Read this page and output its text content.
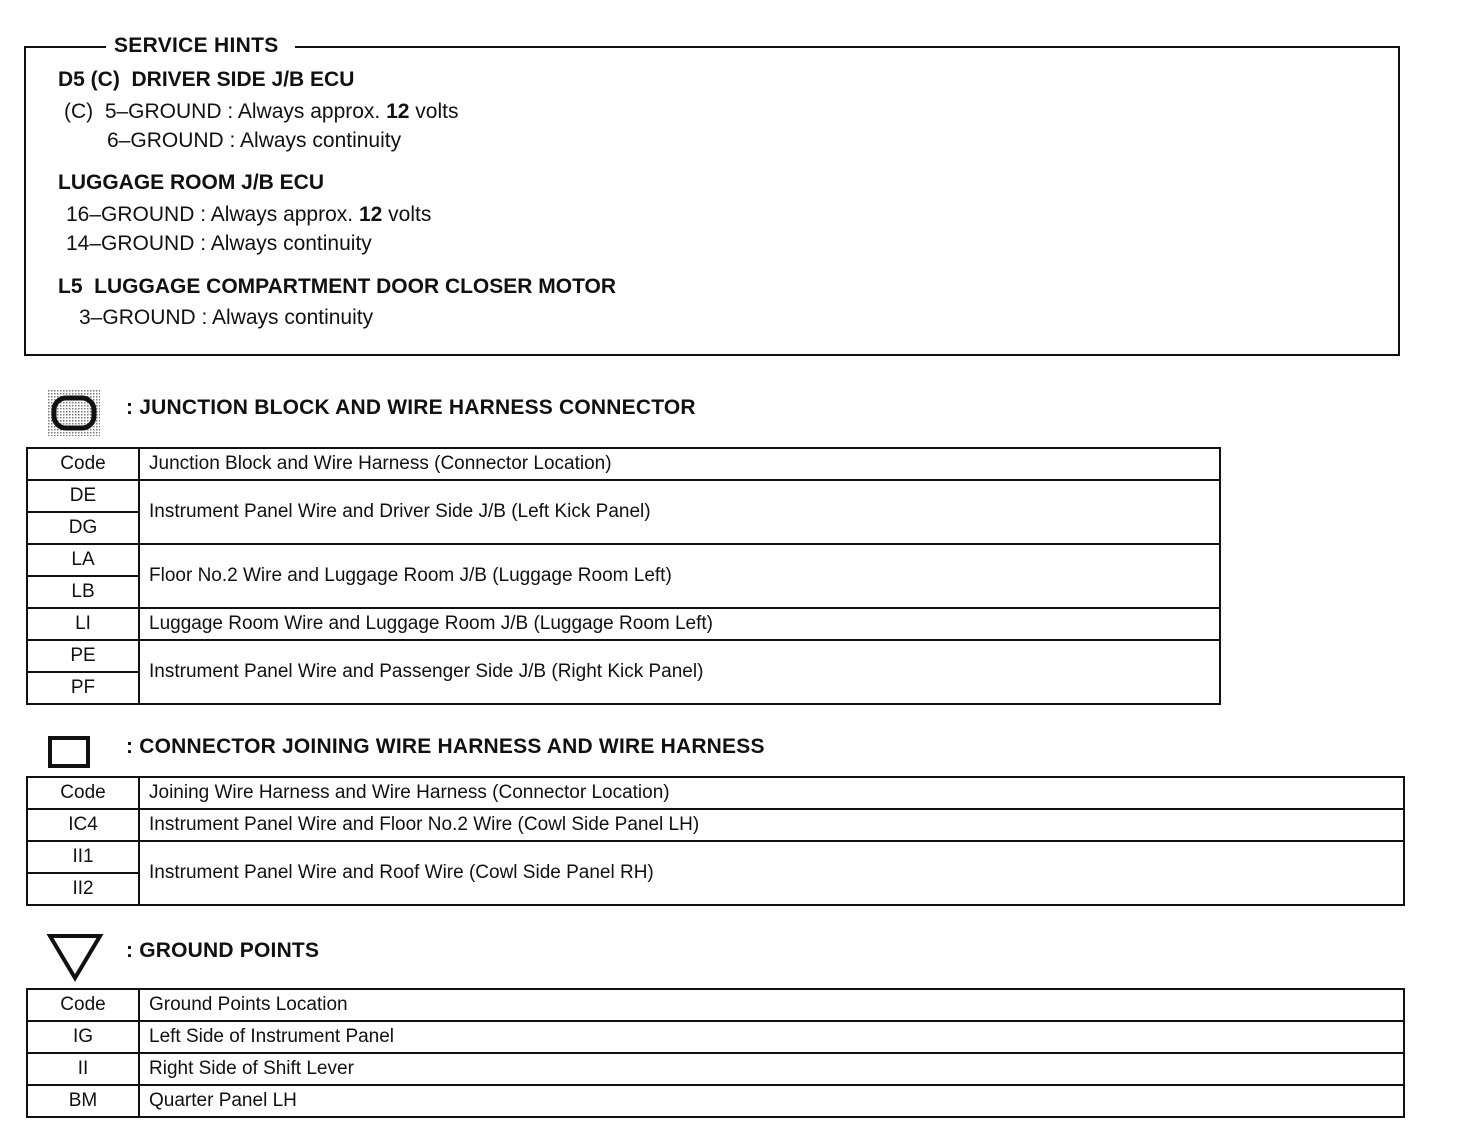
SERVICE HINTS
D5 (C)  DRIVER SIDE J/B ECU
(C)  5–GROUND : Always approx. 12 volts
6–GROUND : Always continuity
LUGGAGE ROOM J/B ECU
16–GROUND : Always approx. 12 volts
14–GROUND : Always continuity
L5  LUGGAGE COMPARTMENT DOOR CLOSER MOTOR
3–GROUND : Always continuity
: JUNCTION BLOCK AND WIRE HARNESS CONNECTOR
Code	Junction Block and Wire Harness (Connector Location)
DE	Instrument Panel Wire and Driver Side J/B (Left Kick Panel)
DG	
LA	Floor No.2 Wire and Luggage Room J/B (Luggage Room Left)
LB	
LI	Luggage Room Wire and Luggage Room J/B (Luggage Room Left)
PE	Instrument Panel Wire and Passenger Side J/B (Right Kick Panel)
PF	
: CONNECTOR JOINING WIRE HARNESS AND WIRE HARNESS
Code	Joining Wire Harness and Wire Harness (Connector Location)
IC4	Instrument Panel Wire and Floor No.2 Wire (Cowl Side Panel LH)
II1	Instrument Panel Wire and Roof Wire (Cowl Side Panel RH)
II2	
: GROUND POINTS
Code	Ground Points Location
IG	Left Side of Instrument Panel
II	Right Side of Shift Lever
BM	Quarter Panel LH
